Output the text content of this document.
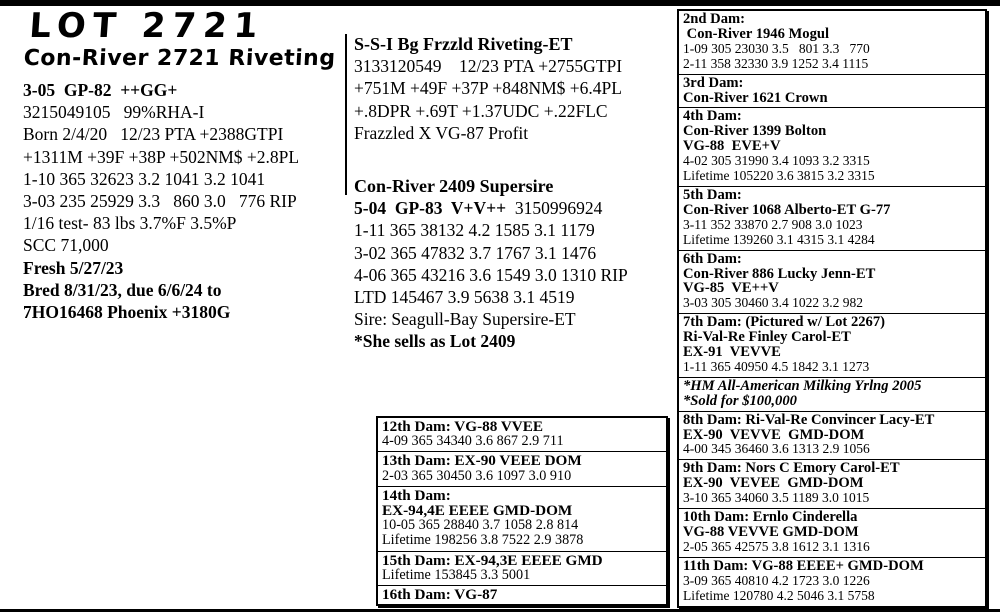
LOT 2721
Con-River 2721 Riveting
3-05  GP-82  ++GG+
3215049105   99%RHA-I
Born 2/4/20   12/23 PTA +2388GTPI
+1311M +39F +38P +502NM$ +2.8PL
1-10 365 32623 3.2 1041 3.2 1041
3-03 235 25929 3.3   860 3.0   776 RIP
1/16 test- 83 lbs 3.7%F 3.5%P
SCC 71,000
Fresh 5/27/23
Bred 8/31/23, due 6/6/24 to
7HO16468 Phoenix +3180G
S-S-I Bg Frzzld Riveting-ET
3133120549    12/23 PTA +2755GTPI
+751M +49F +37P +848NM$ +6.4PL
+.8DPR +.69T +1.37UDC +.22FLC
Frazzled X VG-87 Profit
Con-River 2409 Supersire
5-04  GP-83  V+V++  3150996924
1-11 365 38132 4.2 1585 3.1 1179
3-02 365 47832 3.7 1767 3.1 1476
4-06 365 43216 3.6 1549 3.0 1310 RIP
LTD 145467 3.9 5638 3.1 4519
Sire: Seagull-Bay Supersire-ET
*She sells as Lot 2409
2nd Dam:
Con-River 1946 Mogul
1-09 305 23030 3.5   801 3.3   770
2-11 358 32330 3.9 1252 3.4 1115
3rd Dam:
Con-River 1621 Crown
4th Dam:
Con-River 1399 Bolton
VG-88  EVE+V
4-02 305 31990 3.4 1093 3.2 3315
Lifetime 105220 3.6 3815 3.2 3315
5th Dam:
Con-River 1068 Alberto-ET G-77
3-11 352 33870 2.7 908 3.0 1023
Lifetime 139260 3.1 4315 3.1 4284
6th Dam:
Con-River 886 Lucky Jenn-ET
VG-85  VE++V
3-03 305 30460 3.4 1022 3.2 982
7th Dam: (Pictured w/ Lot 2267)
Ri-Val-Re Finley Carol-ET
EX-91  VEVVE
1-11 365 40950 4.5 1842 3.1 1273
*HM All-American Milking Yrlng 2005
*Sold for $100,000
8th Dam: Ri-Val-Re Convincer Lacy-ET
EX-90  VEVVE  GMD-DOM
4-00 345 36460 3.6 1313 2.9 1056
9th Dam: Nors C Emory Carol-ET
EX-90  VEVEE  GMD-DOM
3-10 365 34060 3.5 1189 3.0 1015
10th Dam: Ernlo Cinderella
VG-88 VEVVE GMD-DOM
2-05 365 42575 3.8 1612 3.1 1316
11th Dam: VG-88 EEEE+ GMD-DOM
3-09 365 40810 4.2 1723 3.0 1226
Lifetime 120780 4.2 5046 3.1 5758
12th Dam: VG-88 VVEE
4-09 365 34340 3.6 867 2.9 711
13th Dam: EX-90 VEEE DOM
2-03 365 30450 3.6 1097 3.0 910
14th Dam:
EX-94,4E EEEE GMD-DOM
10-05 365 28840 3.7 1058 2.8 814
Lifetime 198256 3.8 7522 2.9 3878
15th Dam: EX-94,3E EEEE GMD
Lifetime 153845 3.3 5001
16th Dam: VG-87
